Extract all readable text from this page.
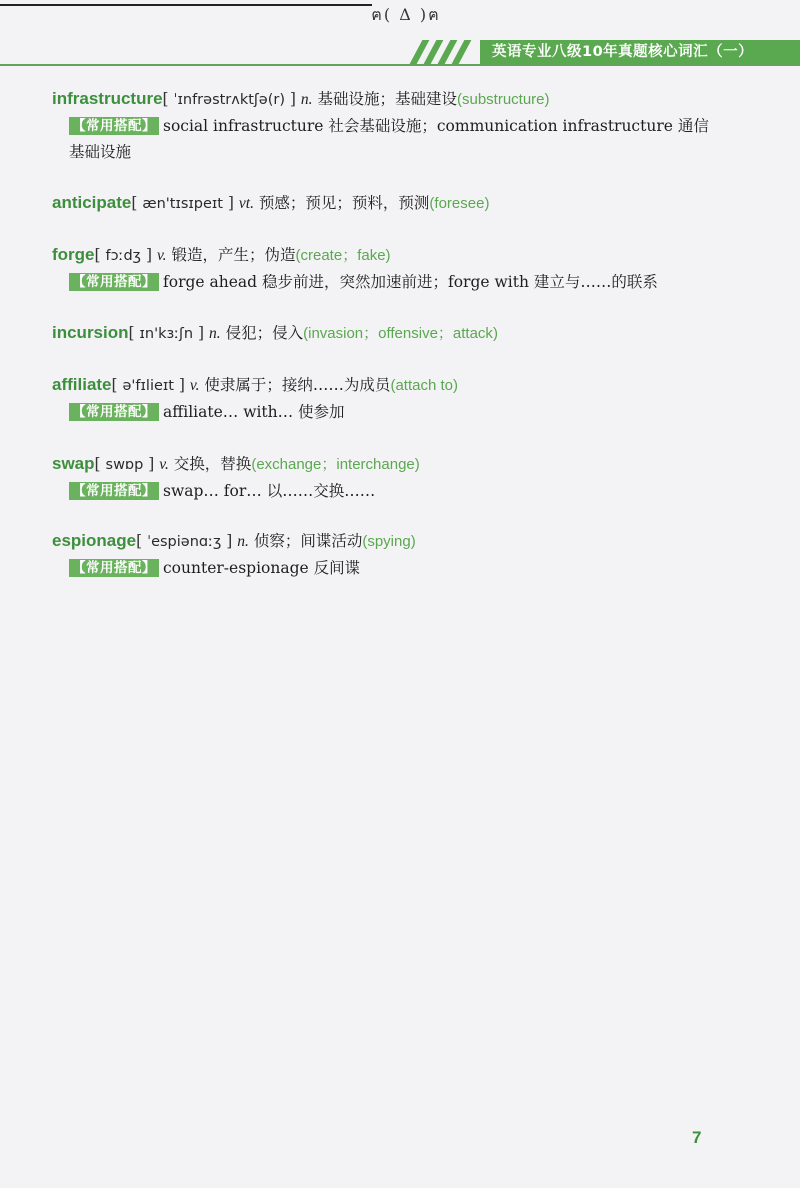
ฅ( Δ )ฅ
英语专业八级10年真题核心词汇（一）
infrastructure[ ˈɪnfrəstrʌktʃə(r) ] n. 基础设施；基础建设(substructure)
【常用搭配】 social infrastructure 社会基础设施；communication infrastructure 通信
基础设施
anticipate[ æn'tɪsɪpeɪt ] vt. 预感；预见；预料，预测(foresee)
forge[ fɔːdʒ ] v. 锻造，产生；伪造(create；fake)
【常用搭配】 forge ahead 稳步前进，突然加速前进；forge with 建立与……的联系
incursion[ ɪn'kɜːʃn ] n. 侵犯；侵入(invasion；offensive；attack)
affiliate[ ə'fɪlieɪt ] v. 使隶属于；接纳……为成员(attach to)
【常用搭配】 affiliate… with… 使参加
swap[ swɒp ] v. 交换，替换(exchange；interchange)
【常用搭配】 swap… for… 以……交换……
espionage[ ˈespiənɑːʒ ] n. 侦察；间谍活动(spying)
【常用搭配】 counter-espionage 反间谍
7
